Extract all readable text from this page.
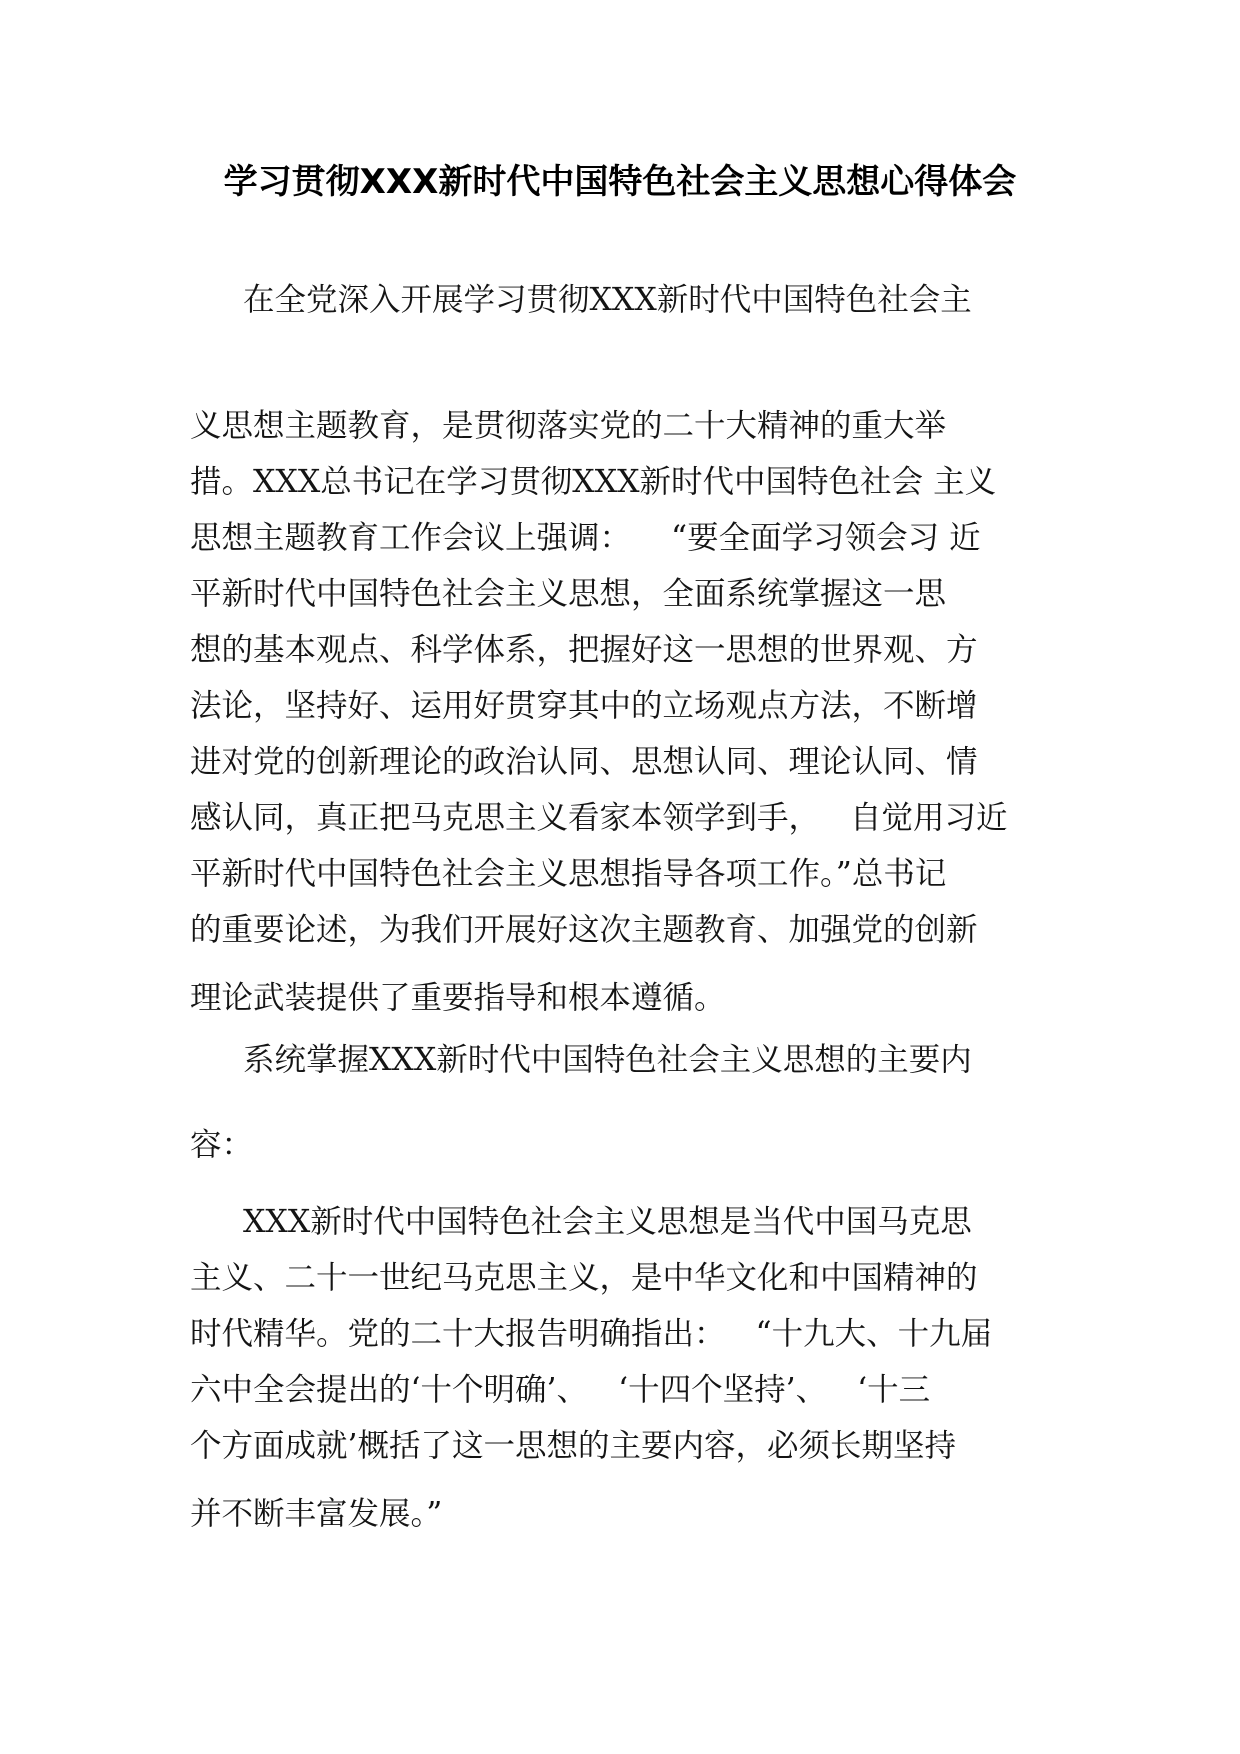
学习贯彻XXX新时代中国特色社会主义思想心得体会
在全党深入开展学习贯彻XXX新时代中国特色社会主
义思想主题教育，是贯彻落实党的二十大精神的重大举
措。XXX总书记在学习贯彻XXX新时代中国特色社会 主义
思想主题教育工作会议上强调：    “要全面学习领会习 近
平新时代中国特色社会主义思想，全面系统掌握这一思
想的基本观点、科学体系，把握好这一思想的世界观、方
法论，坚持好、运用好贯穿其中的立场观点方法，不断增
进对党的创新理论的政治认同、思想认同、理论认同、情
感认同，真正把马克思主义看家本领学到手，   自觉用习近
平新时代中国特色社会主义思想指导各项工作。”总书记
的重要论述，为我们开展好这次主题教育、加强党的创新
理论武装提供了重要指导和根本遵循。
系统掌握XXX新时代中国特色社会主义思想的主要内
容：
XXX新时代中国特色社会主义思想是当代中国马克思
主义、二十一世纪马克思主义，是中华文化和中国精神的
时代精华。党的二十大报告明确指出：   “十九大、十九届
六中全会提出的‘十个明确’、   ‘十四个坚持’、   ‘十三
个方面成就’概括了这一思想的主要内容，必须长期坚持
并不断丰富发展。”
